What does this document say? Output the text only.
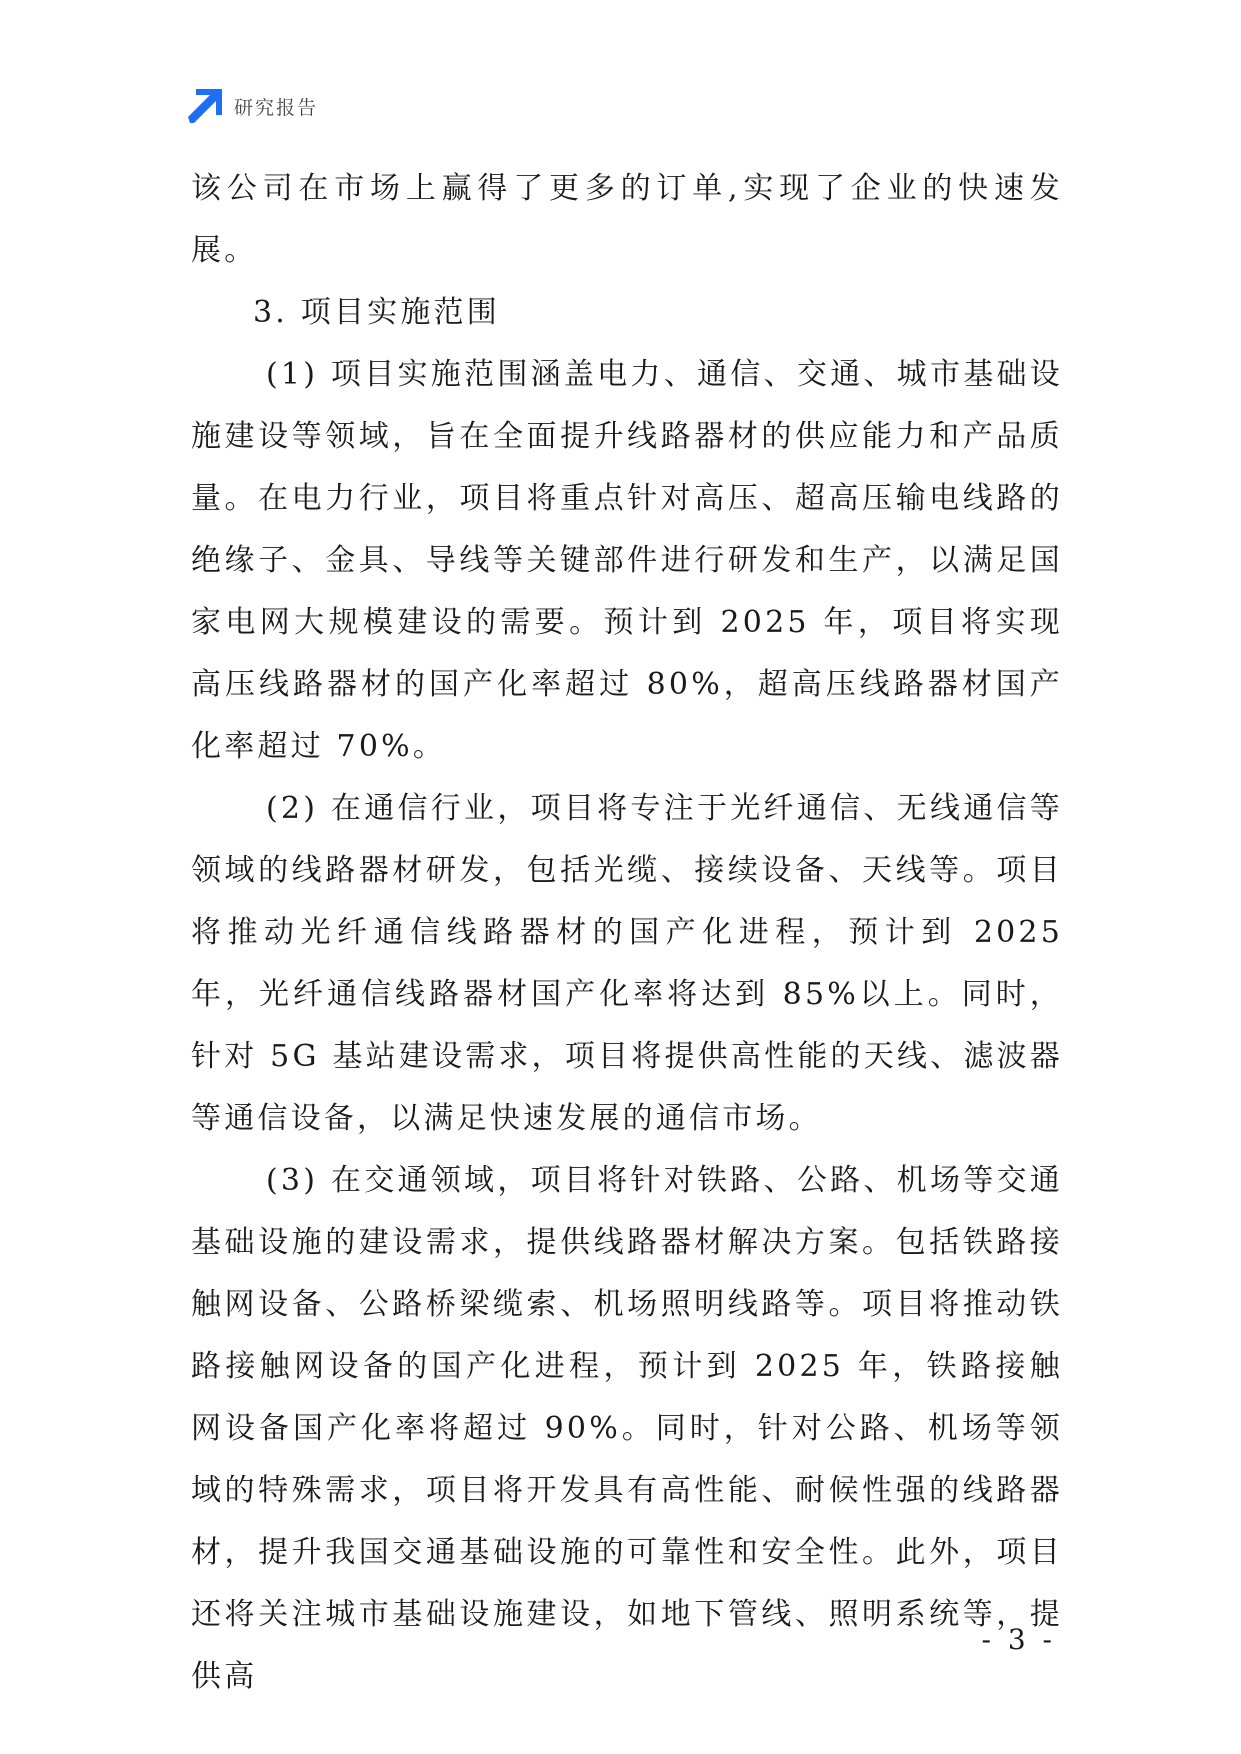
研究报告

该公司在市场上赢得了更多的订单,实现了企业的快速发展。

3. 项目实施范围

(1) 项目实施范围涵盖电力、通信、交通、城市基础设施建设等领域，旨在全面提升线路器材的供应能力和产品质量。在电力行业，项目将重点针对高压、超高压输电线路的绝缘子、金具、导线等关键部件进行研发和生产，以满足国家电网大规模建设的需要。预计到 2025 年，项目将实现高压线路器材的国产化率超过 80%，超高压线路器材国产化率超过 70%。

(2) 在通信行业，项目将专注于光纤通信、无线通信等领域的线路器材研发，包括光缆、接续设备、天线等。项目将推动光纤通信线路器材的国产化进程，预计到 2025 年，光纤通信线路器材国产化率将达到 85%以上。同时，针对 5G 基站建设需求，项目将提供高性能的天线、滤波器等通信设备，以满足快速发展的通信市场。

(3) 在交通领域，项目将针对铁路、公路、机场等交通基础设施的建设需求，提供线路器材解决方案。包括铁路接触网设备、公路桥梁缆索、机场照明线路等。项目将推动铁路接触网设备的国产化进程，预计到 2025 年，铁路接触网设备国产化率将超过 90%。同时，针对公路、机场等领域的特殊需求，项目将开发具有高性能、耐候性强的线路器材，提升我国交通基础设施的可靠性和安全性。此外，项目还将关注城市基础设施建设，如地下管线、照明系统等，提供高

- 3 -
